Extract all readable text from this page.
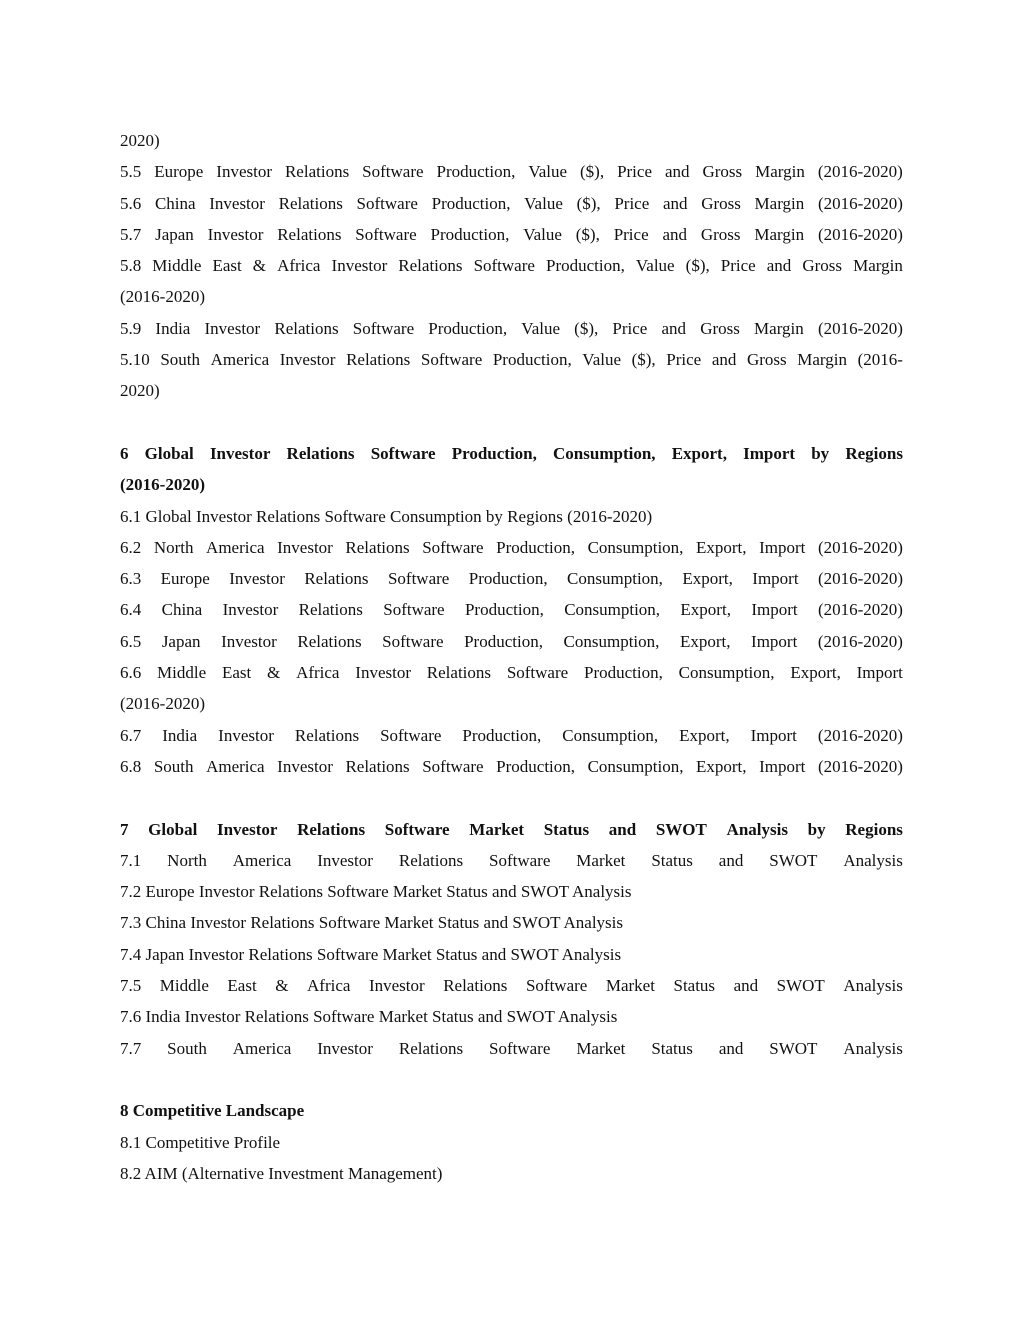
2020)
5.5 Europe Investor Relations Software Production, Value ($), Price and Gross Margin (2016-2020)
5.6 China Investor Relations Software Production, Value ($), Price and Gross Margin (2016-2020)
5.7 Japan Investor Relations Software Production, Value ($), Price and Gross Margin (2016-2020)
5.8 Middle East & Africa Investor Relations Software Production, Value ($), Price and Gross Margin
(2016-2020)
5.9 India Investor Relations Software Production, Value ($), Price and Gross Margin (2016-2020)
5.10 South America Investor Relations Software Production, Value ($), Price and Gross Margin (2016-
2020)
6 Global Investor Relations Software Production, Consumption, Export, Import by Regions
(2016-2020)
6.1 Global Investor Relations Software Consumption by Regions (2016-2020)
6.2 North America Investor Relations Software Production, Consumption, Export, Import (2016-2020)
6.3 Europe Investor Relations Software Production, Consumption, Export, Import (2016-2020)
6.4 China Investor Relations Software Production, Consumption, Export, Import (2016-2020)
6.5 Japan Investor Relations Software Production, Consumption, Export, Import (2016-2020)
6.6 Middle East & Africa Investor Relations Software Production, Consumption, Export, Import
(2016-2020)
6.7 India Investor Relations Software Production, Consumption, Export, Import (2016-2020)
6.8 South America Investor Relations Software Production, Consumption, Export, Import (2016-2020)
7 Global Investor Relations Software Market Status and SWOT Analysis by Regions
7.1 North America Investor Relations Software Market Status and SWOT Analysis
7.2 Europe Investor Relations Software Market Status and SWOT Analysis
7.3 China Investor Relations Software Market Status and SWOT Analysis
7.4 Japan Investor Relations Software Market Status and SWOT Analysis
7.5 Middle East & Africa Investor Relations Software Market Status and SWOT Analysis
7.6 India Investor Relations Software Market Status and SWOT Analysis
7.7 South America Investor Relations Software Market Status and SWOT Analysis
8 Competitive Landscape
8.1 Competitive Profile
8.2 AIM (Alternative Investment Management)
